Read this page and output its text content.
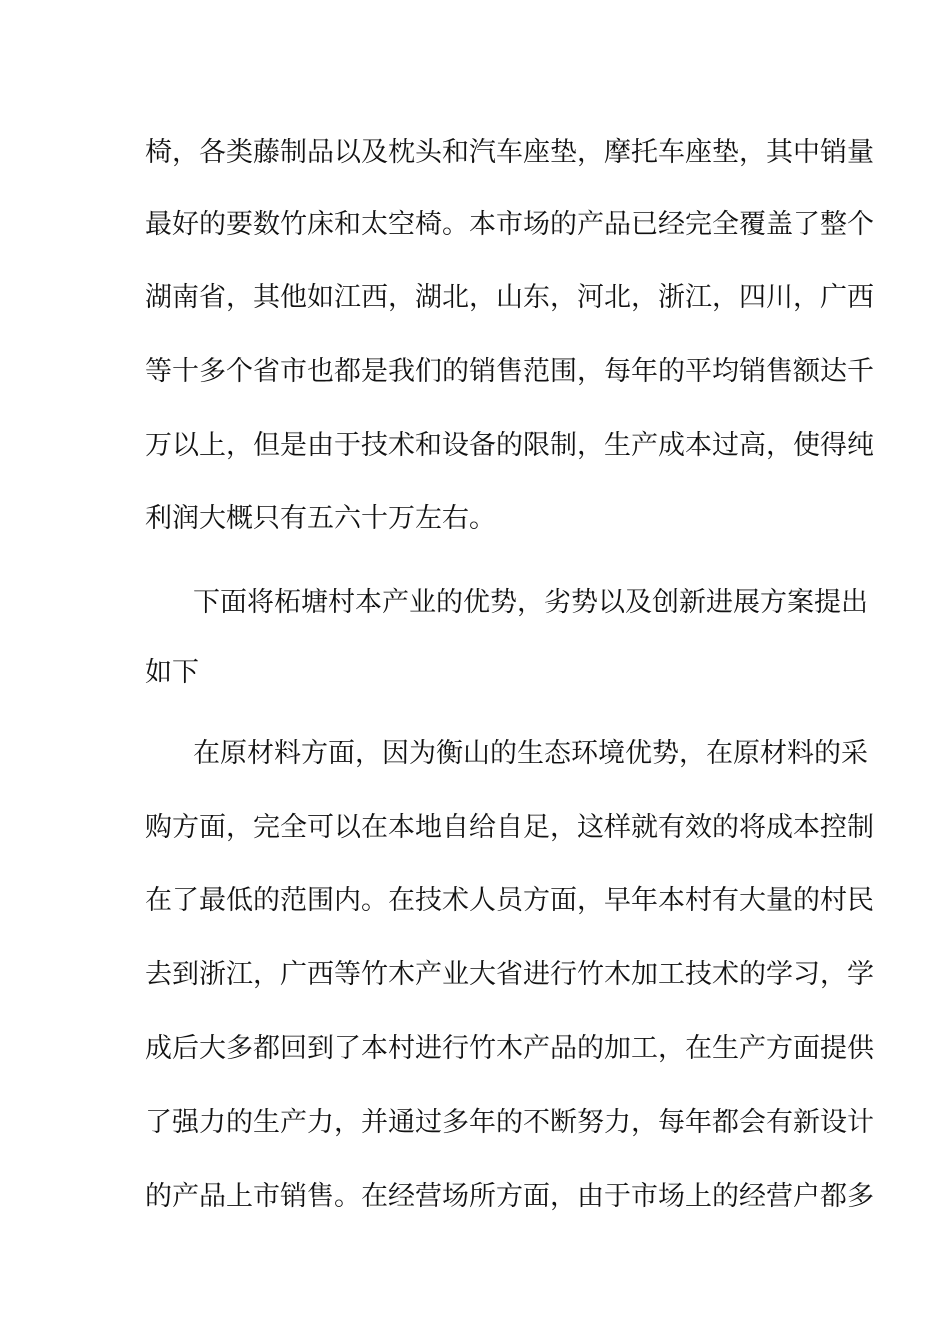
椅，各类藤制品以及枕头和汽车座垫，摩托车座垫，其中销量
最好的要数竹床和太空椅。本市场的产品已经完全覆盖了整个
湖南省，其他如江西，湖北，山东，河北，浙江，四川，广西
等十多个省市也都是我们的销售范围，每年的平均销售额达千
万以上，但是由于技术和设备的限制，生产成本过高，使得纯
利润大概只有五六十万左右。
下面将柘塘村本产业的优势，劣势以及创新进展方案提出
如下
在原材料方面，因为衡山的生态环境优势，在原材料的采
购方面，完全可以在本地自给自足，这样就有效的将成本控制
在了最低的范围内。在技术人员方面，早年本村有大量的村民
去到浙江，广西等竹木产业大省进行竹木加工技术的学习，学
成后大多都回到了本村进行竹木产品的加工，在生产方面提供
了强力的生产力，并通过多年的不断努力，每年都会有新设计
的产品上市销售。在经营场所方面，由于市场上的经营户都多
